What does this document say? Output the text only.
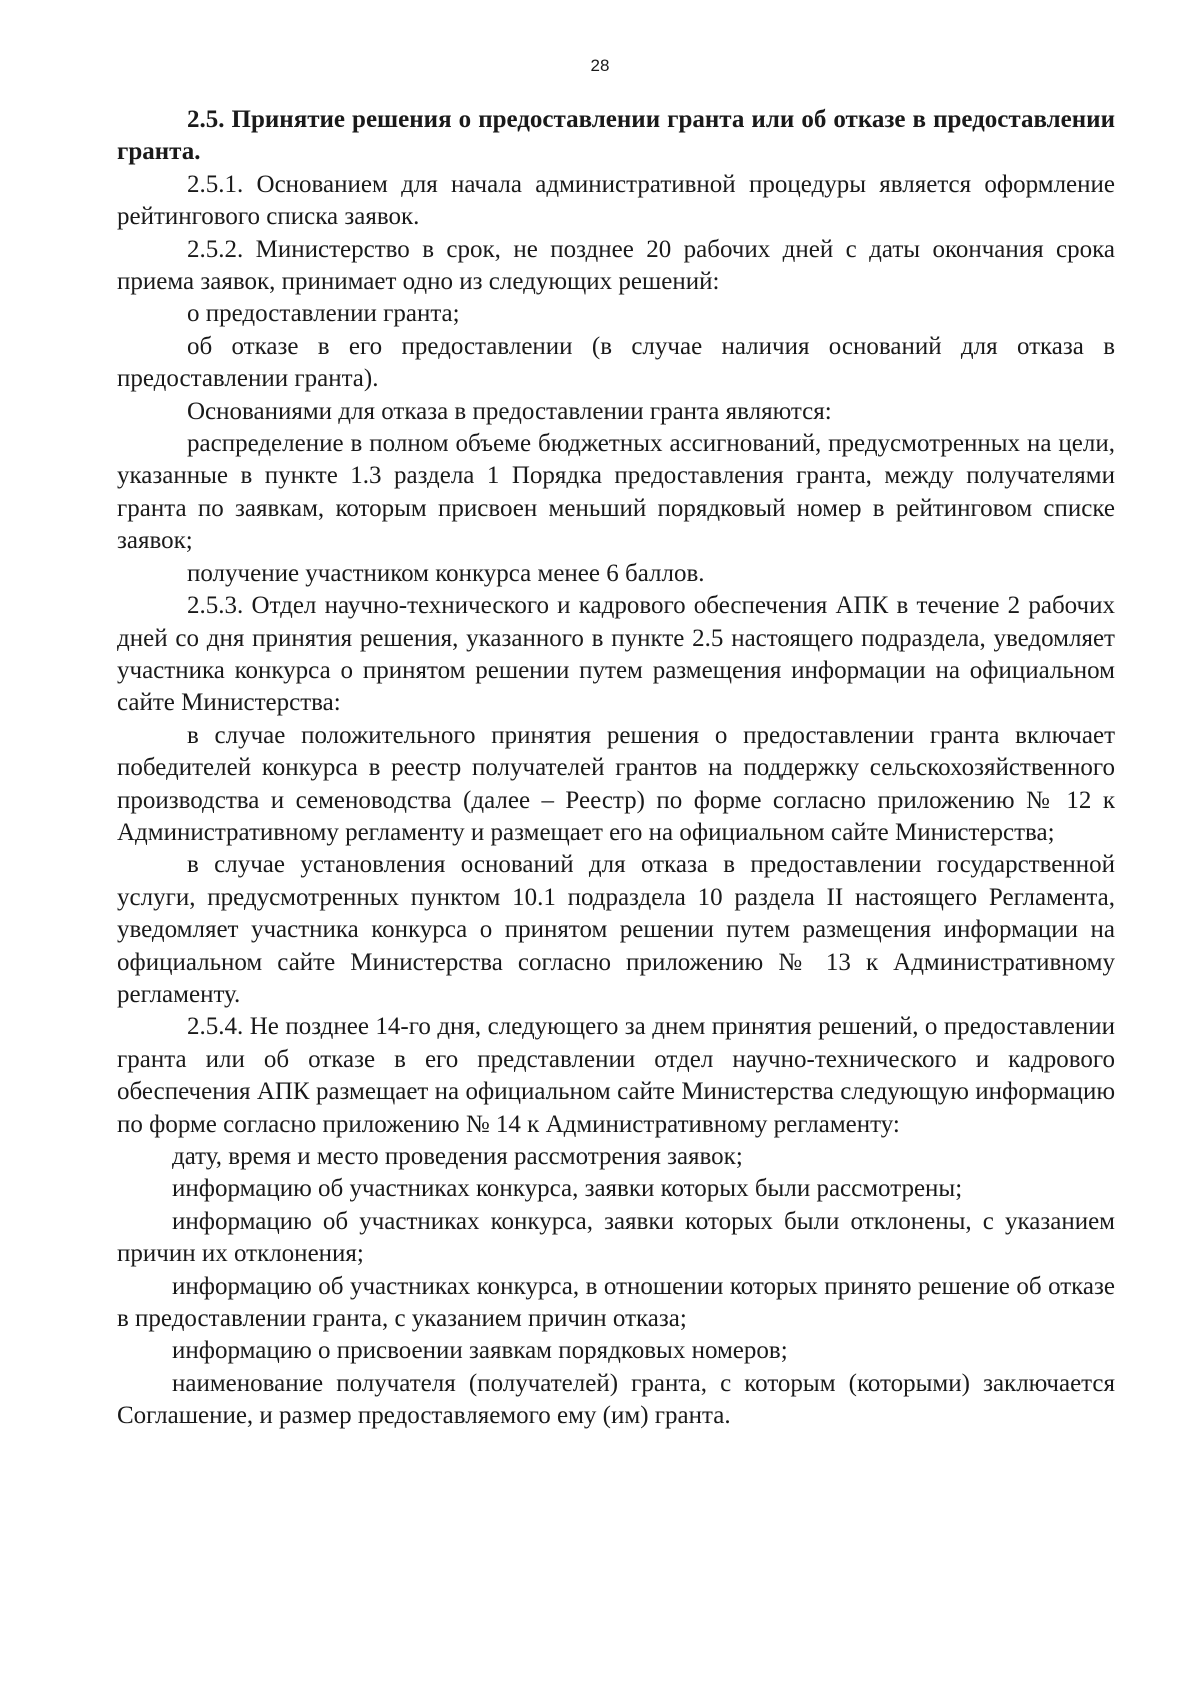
28

2.5. Принятие решения о предоставлении гранта или об отказе в предоставлении гранта.

2.5.1. Основанием для начала административной процедуры является оформление рейтингового списка заявок.

2.5.2. Министерство в срок, не позднее 20 рабочих дней с даты окончания срока приема заявок, принимает одно из следующих решений:

о предоставлении гранта;

об отказе в его предоставлении (в случае наличия оснований для отказа в предоставлении гранта).

Основаниями для отказа в предоставлении гранта являются:

распределение в полном объеме бюджетных ассигнований, предусмотренных на цели, указанные в пункте 1.3 раздела 1 Порядка предоставления гранта, между получателями гранта по заявкам, которым присвоен меньший порядковый номер в рейтинговом списке заявок;

получение участником конкурса менее 6 баллов.

2.5.3. Отдел научно-технического и кадрового обеспечения АПК в течение 2 рабочих дней со дня принятия решения, указанного в пункте 2.5 настоящего подраздела, уведомляет участника конкурса о принятом решении путем размещения информации на официальном сайте Министерства:

в случае положительного принятия решения о предоставлении гранта включает победителей конкурса в реестр получателей грантов на поддержку сельскохозяйственного производства и семеноводства (далее – Реестр) по форме согласно приложению № 12 к Административному регламенту и размещает его на официальном сайте Министерства;

в случае установления оснований для отказа в предоставлении государственной услуги, предусмотренных пунктом 10.1 подраздела 10 раздела II настоящего Регламента, уведомляет участника конкурса о принятом решении путем размещения информации на официальном сайте Министерства согласно приложению № 13 к Административному регламенту.

2.5.4. Не позднее 14-го дня, следующего за днем принятия решений, о предоставлении гранта или об отказе в его представлении отдел научно-технического и кадрового обеспечения АПК размещает на официальном сайте Министерства следующую информацию по форме согласно приложению № 14 к Административному регламенту:

дату, время и место проведения рассмотрения заявок;

информацию об участниках конкурса, заявки которых были рассмотрены;

информацию об участниках конкурса, заявки которых были отклонены, с указанием причин их отклонения;

информацию об участниках конкурса, в отношении которых принято решение об отказе в предоставлении гранта, с указанием причин отказа;

информацию о присвоении заявкам порядковых номеров;

наименование получателя (получателей) гранта, с которым (которыми) заключается Соглашение, и размер предоставляемого ему (им) гранта.
